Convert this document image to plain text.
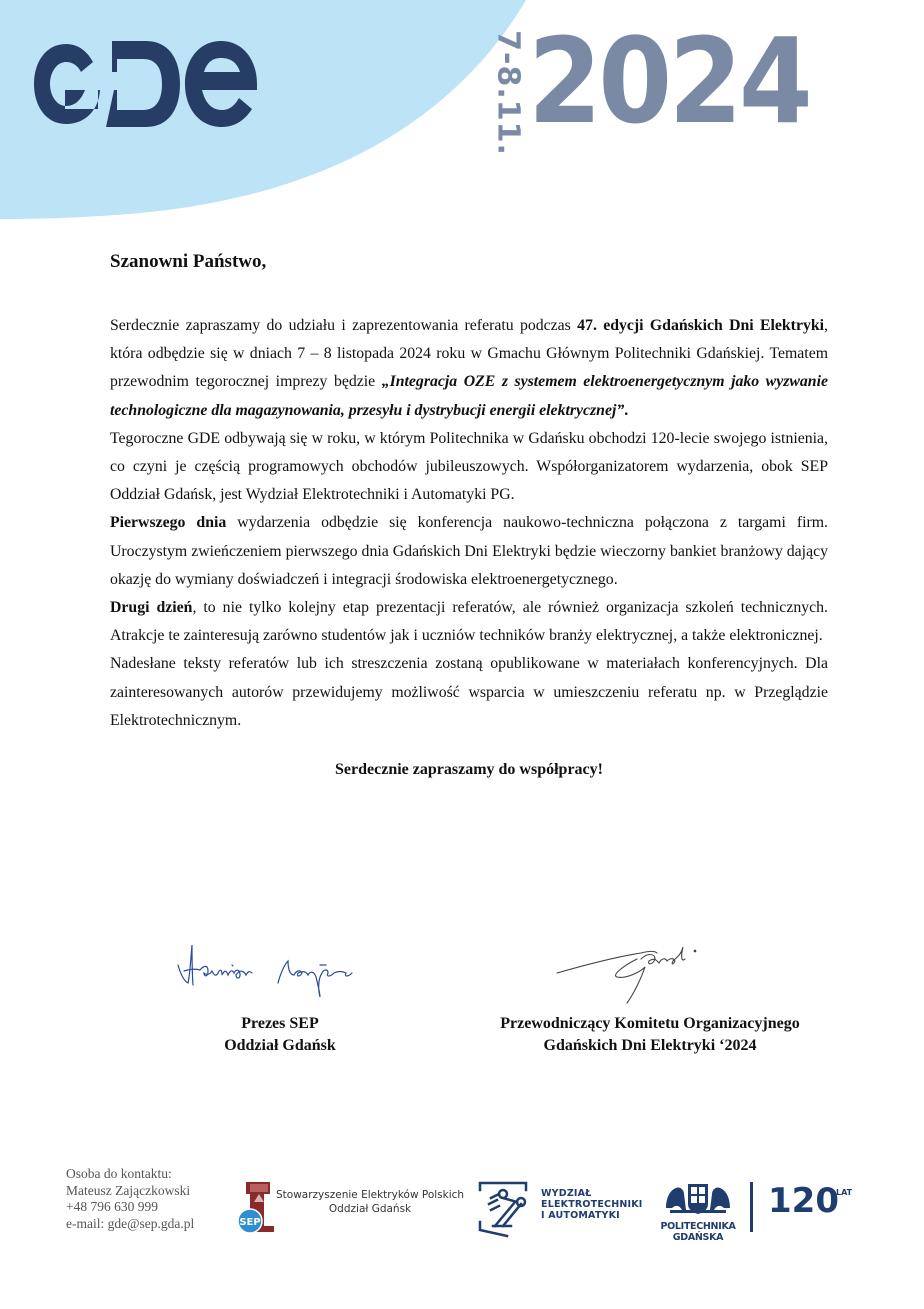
7-8.11. 2024

Szanowni Państwo,

Serdecznie zapraszamy do udziału i zaprezentowania referatu podczas 47. edycji Gdańskich Dni Elektryki, która odbędzie się w dniach 7 – 8 listopada 2024 roku w Gmachu Głównym Politechniki Gdańskiej. Tematem przewodnim tegorocznej imprezy będzie „Integracja OZE z systemem elektroenergetycznym jako wyzwanie technologiczne dla magazynowania, przesyłu i dystrybucji energii elektrycznej”.

Tegoroczne GDE odbywają się w roku, w którym Politechnika w Gdańsku obchodzi 120-lecie swojego istnienia, co czyni je częścią programowych obchodów jubileuszowych. Współorganizatorem wydarzenia, obok SEP Oddział Gdańsk, jest Wydział Elektrotechniki i Automatyki PG.

Pierwszego dnia wydarzenia odbędzie się konferencja naukowo-techniczna połączona z targami firm. Uroczystym zwieńczeniem pierwszego dnia Gdańskich Dni Elektryki będzie wieczorny bankiet branżowy dający okazję do wymiany doświadczeń i integracji środowiska elektroenergetycznego.

Drugi dzień, to nie tylko kolejny etap prezentacji referatów, ale również organizacja szkoleń technicznych. Atrakcje te zainteresują zarówno studentów jak i uczniów techników branży elektrycznej, a także elektronicznej.

Nadesłane teksty referatów lub ich streszczenia zostaną opublikowane w materiałach konferencyjnych. Dla zainteresowanych autorów przewidujemy możliwość wsparcia w umieszczeniu referatu np. w Przeglądzie Elektrotechnicznym.

Serdecznie zapraszamy do współpracy!

Prezes SEP
Oddział Gdańsk
Przewodniczący Komitetu Organizacyjnego
Gdańskich Dni Elektryki ‘2024
Osoba do kontaktu:
Mateusz Zajączkowski
+48 796 630 999
e-mail: gde@sep.gda.pl	SEP
Stowarzyszenie Elektryków Polskich
Oddział Gdańsk
WYDZIAŁ
ELEKTROTECHNIKI
I AUTOMATYKI
POLITECHNIKA
GDAŃSKA
120
LAT
